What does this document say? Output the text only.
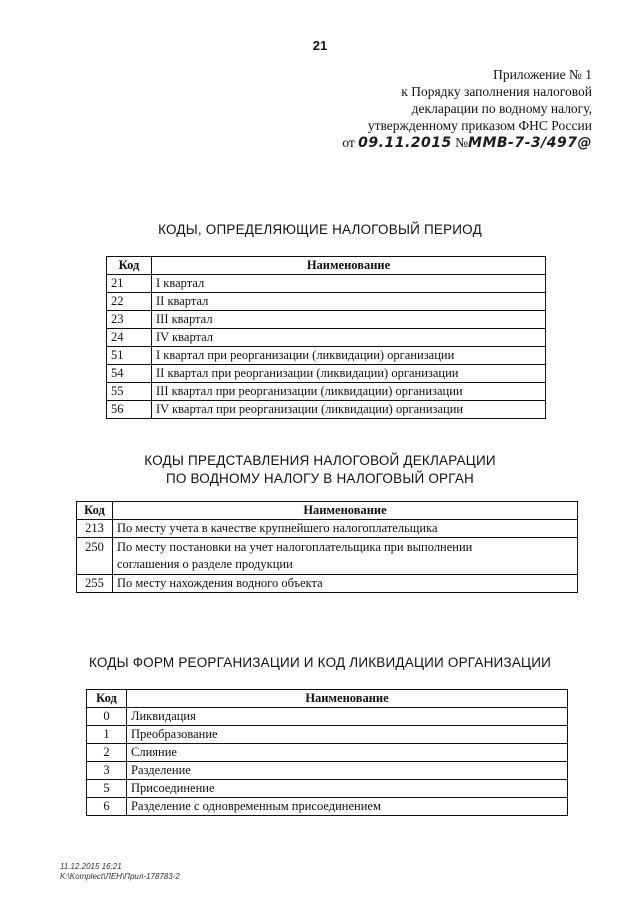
21
Приложение № 1
к Порядку заполнения налоговой
декларации по водному налогу,
утвержденному приказом ФНС России
от 09.11.2015 №ММВ-7-3/497@
КОДЫ, ОПРЕДЕЛЯЮЩИЕ НАЛОГОВЫЙ ПЕРИОД
Код	Наименование
21	I квартал
22	II квартал
23	III квартал
24	IV квартал
51	I квартал при реорганизации (ликвидации) организации
54	II квартал при реорганизации (ликвидации) организации
55	III квартал при реорганизации (ликвидации) организации
56	IV квартал при реорганизации (ликвидации) организации
КОДЫ ПРЕДСТАВЛЕНИЯ НАЛОГОВОЙ ДЕКЛАРАЦИИ
ПО ВОДНОМУ НАЛОГУ В НАЛОГОВЫЙ ОРГАН
Код	Наименование
213	По месту учета в качестве крупнейшего налогоплательщика
250	По месту постановки на учет налогоплательщика при выполнении
соглашения о разделе продукции

255	По месту нахождения водного объекта
КОДЫ ФОРМ РЕОРГАНИЗАЦИИ И КОД ЛИКВИДАЦИИ ОРГАНИЗАЦИИ
Код	Наименование
0	Ликвидация
1	Преобразование
2	Слияние
3	Разделение
5	Присоединение
6	Разделение с одновременным присоединением
11.12.2015 16:21
K:\Komplect\ЛЕН\Прил-178783-2
